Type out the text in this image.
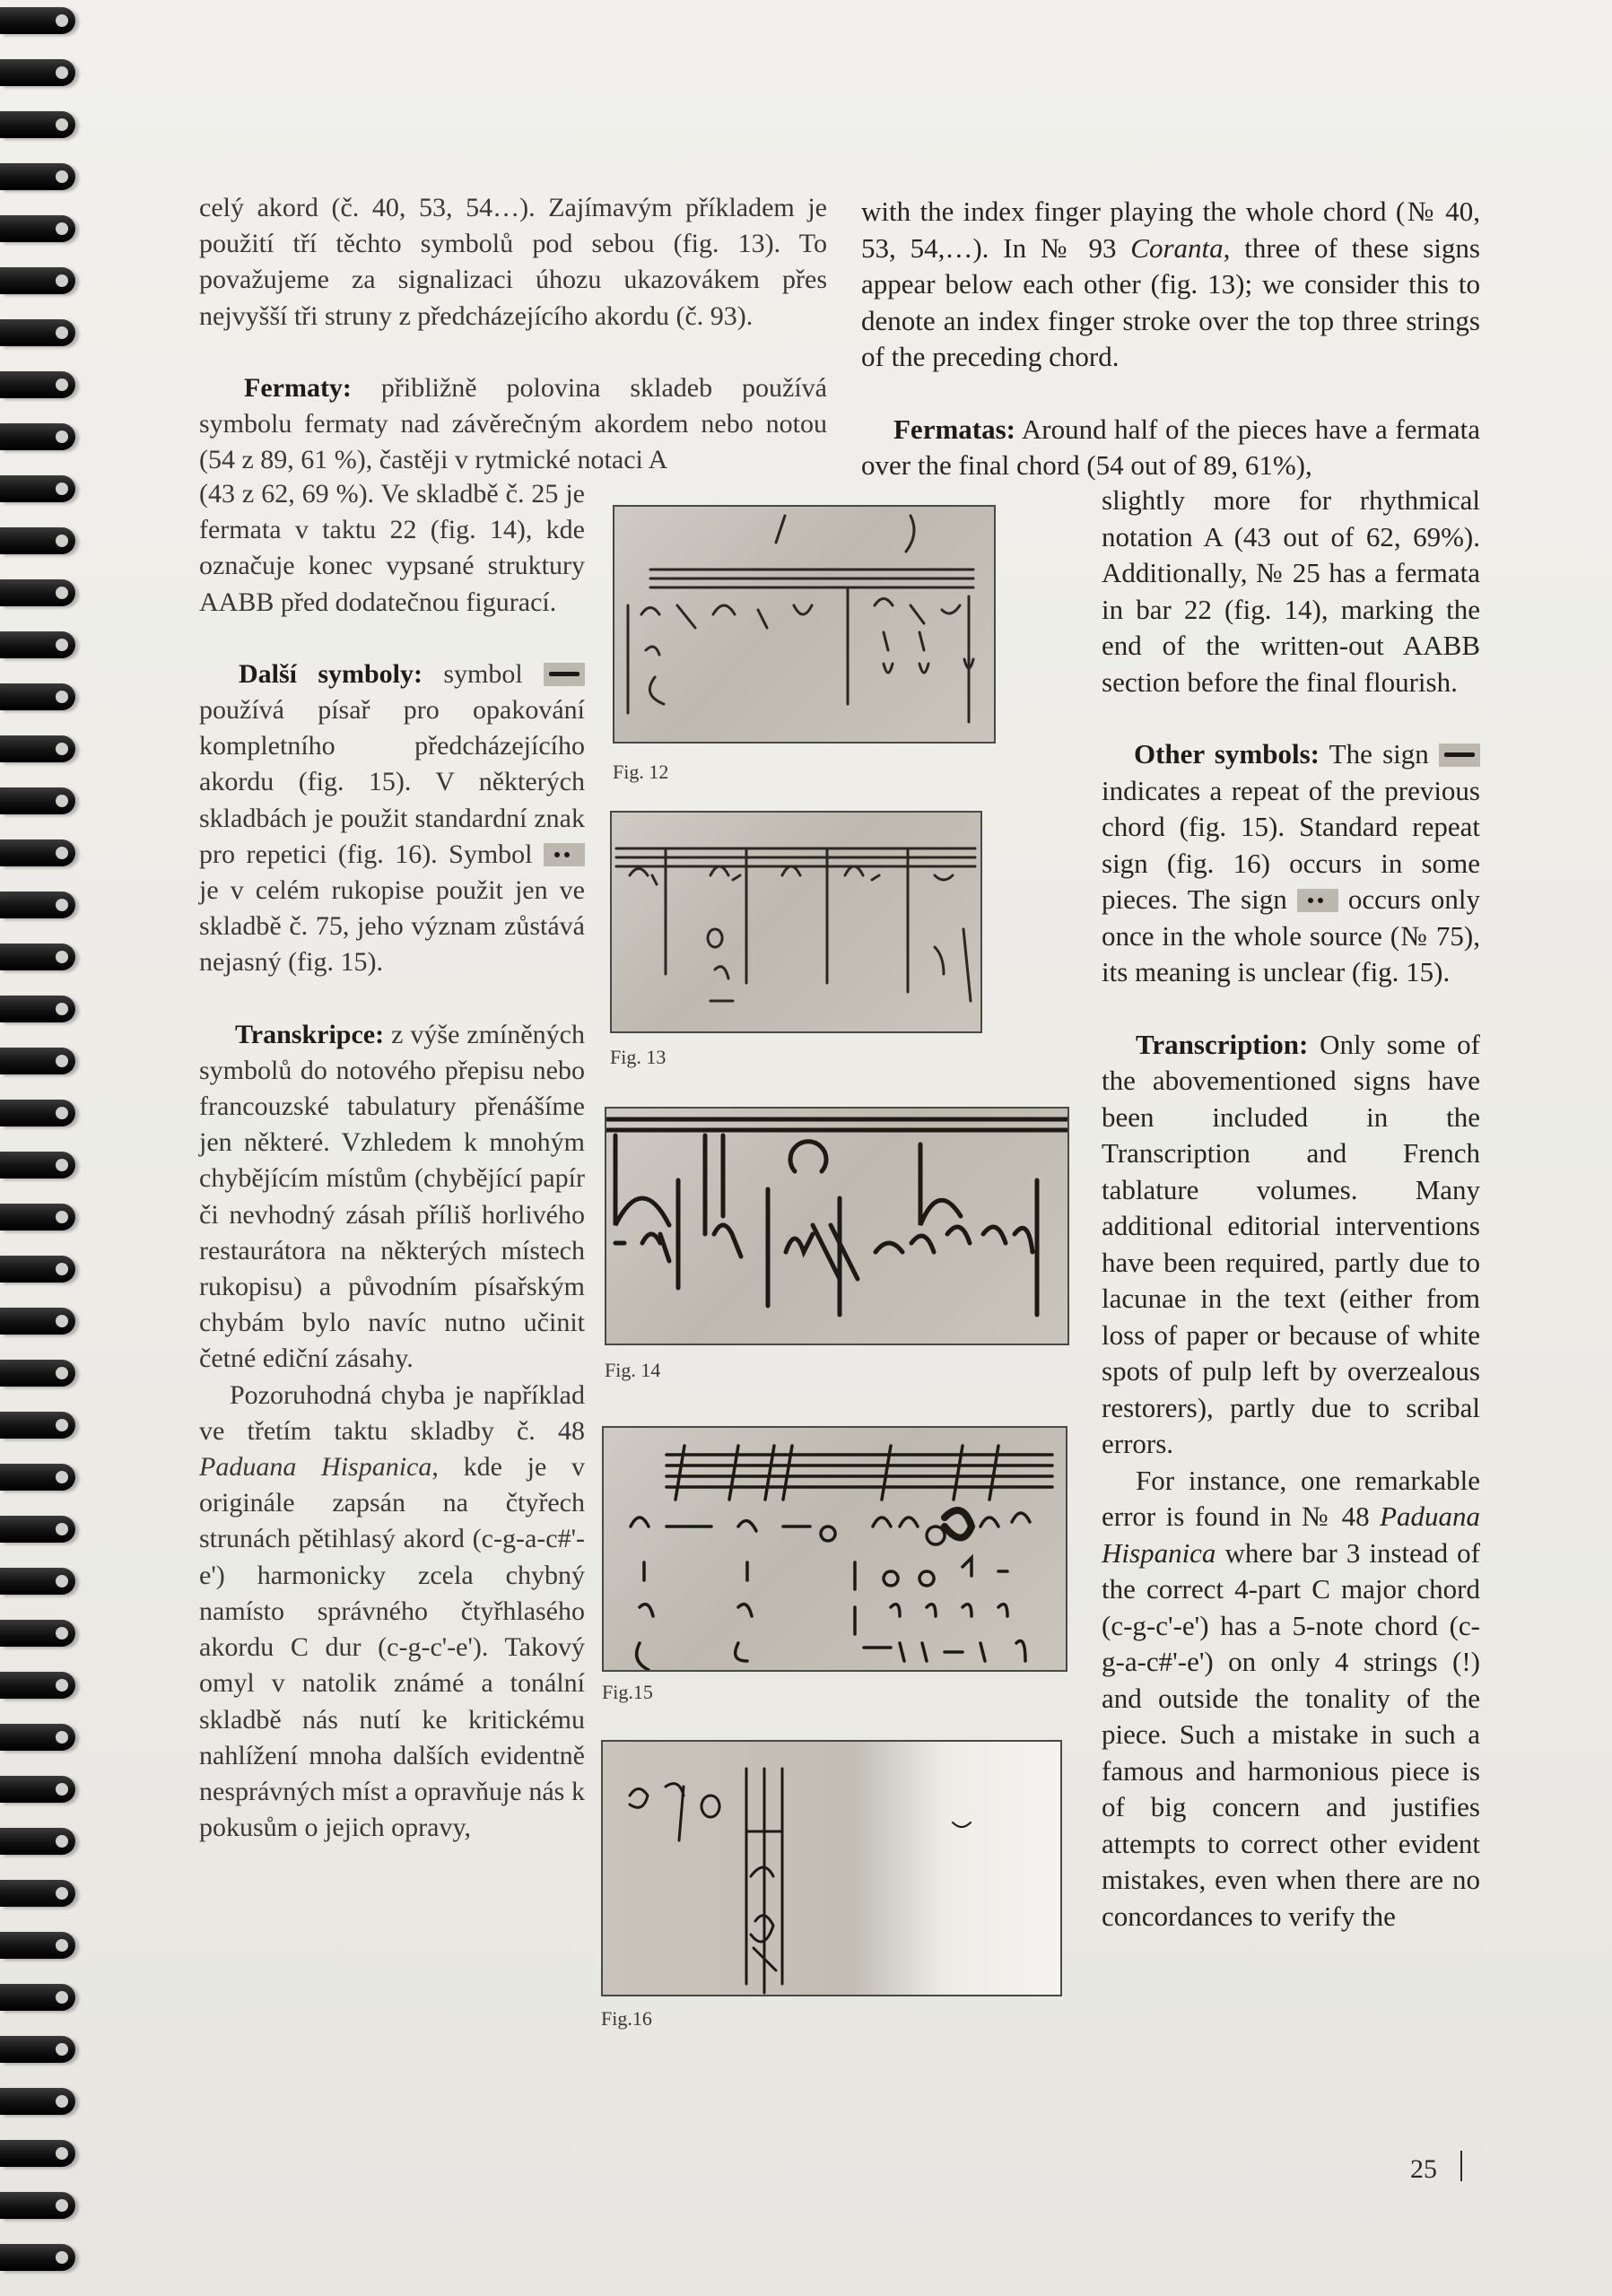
celý akord (č. 40, 53, 54…). Zajímavým příkladem je použití tří těchto symbolů pod sebou (fig. 13). To považujeme za signalizaci úhozu ukazovákem přes nejvyšší tři struny z předcházejícího akordu (č. 93).

Fermaty: přibližně polovina skladeb používá symbolu fermaty nad závěrečným akordem nebo notou (54 z 89, 61 %), častěji v rytmické notaci A

(43 z 62, 69 %). Ve skladbě č. 25 je fermata v taktu 22 (fig. 14), kde označuje konec vypsané struktury AABB před dodatečnou figurací.

Další symboly: symbol
používá písař pro opakování kompletního předcházejícího akordu (fig. 15). V některých skladbách je použit standardní znak pro repetici (fig. 16). Symbol
je v celém rukopise použit jen ve skladbě č. 75, jeho význam zůstává nejasný (fig. 15).

Transkripce: z výše zmíněných symbolů do notového přepisu nebo francouzské tabulatury přenášíme jen některé. Vzhledem k mnohým chybějícím místům (chybějící papír či nevhodný zásah příliš horlivého restaurátora na některých místech rukopisu) a původním písařským chybám bylo navíc nutno učinit četné ediční zásahy.

Pozoruhodná chyba je například ve třetím taktu skladby č. 48 Paduana Hispanica, kde je v originále zapsán na čtyřech strunách pětihlasý akord (c-g-a-c#'-e') harmonicky zcela chybný namísto správného čtyřhlasého akordu C dur (c-g-c'-e'). Takový omyl v natolik známé a tonální skladbě nás nutí ke kritickému nahlížení mnoha dalších evidentně nesprávných míst a opravňuje nás k pokusům o jejich opravy,

with the index finger playing the whole chord (№ 40, 53, 54,…). In № 93 Coranta, three of these signs appear below each other (fig. 13); we consider this to denote an index finger stroke over the top three strings of the preceding chord.

Fermatas: Around half of the pieces have a fermata over the final chord (54 out of 89, 61%),

slightly more for rhythmical notation A (43 out of 62, 69%). Additionally, № 25 has a fermata in bar 22 (fig. 14), marking the end of the written-out AABB section before the final flourish.

Other symbols: The sign
indicates a repeat of the previous chord (fig. 15). Standard repeat sign (fig. 16) occurs in some pieces. The sign
occurs only once in the whole source (№ 75), its meaning is unclear (fig. 15).

Transcription: Only some of the abovementioned signs have been included in the Transcription and French tablature volumes. Many additional editorial interventions have been required, partly due to lacunae in the text (either from loss of paper or because of white spots of pulp left by overzealous restorers), partly due to scribal errors.

For instance, one remarkable error is found in № 48 Paduana Hispanica where bar 3 instead of the correct 4-part C major chord (c-g-c'-e') has a 5-note chord (c-g-a-c#'-e') on only 4 strings (!) and outside the tonality of the piece. Such a mistake in such a famous and harmonious piece is of big concern and justifies attempts to correct other evident mistakes, even when there are no concordances to verify the

Fig. 12
Fig. 13
Fig. 14
Fig.15
Fig.16
25
